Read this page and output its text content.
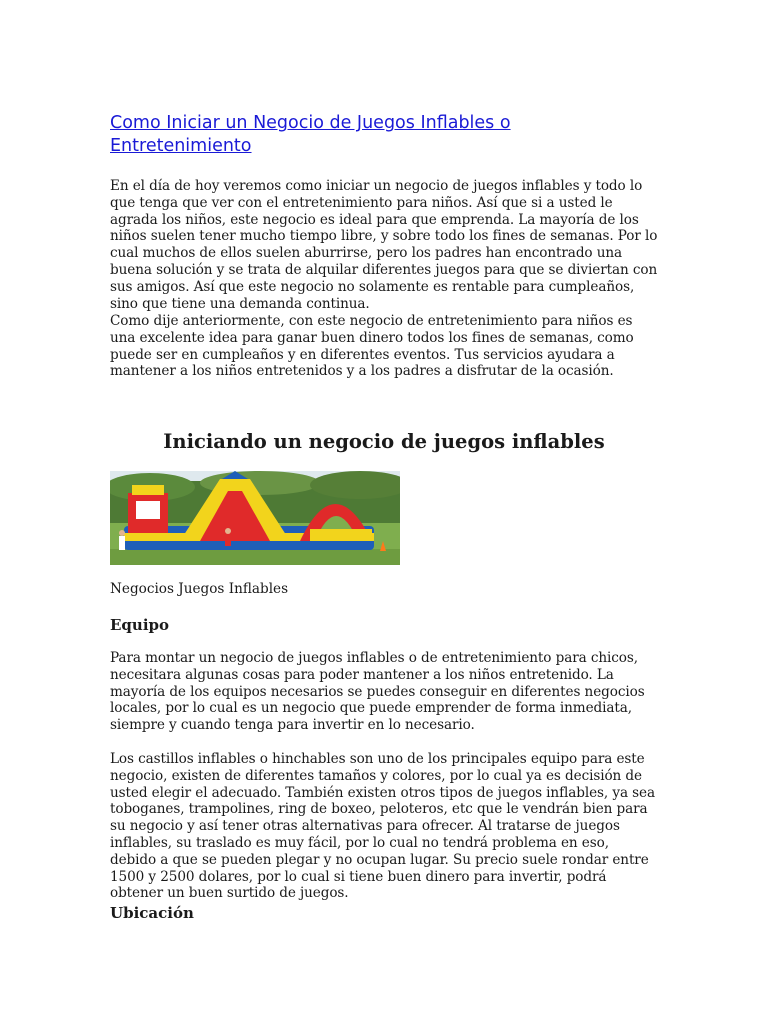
Como Iniciar un Negocio de Juegos Inflables o Entretenimiento

En el día de hoy veremos como iniciar un negocio de juegos inflables y todo lo que tenga que ver con el entretenimiento para niños. Así que si a usted le agrada los niños, este negocio es ideal para que emprenda. La mayoría de los niños suelen tener mucho tiempo libre, y sobre todo los fines de semanas. Por lo cual muchos de ellos suelen aburrirse, pero los padres han encontrado una buena solución y se trata de alquilar diferentes juegos para que se diviertan con sus amigos. Así que este negocio no solamente es rentable para cumpleaños, sino que tiene una demanda continua.

Como dije anteriormente, con este negocio de entretenimiento para niños es una excelente idea para ganar buen dinero todos los fines de semanas, como puede ser en cumpleaños y en diferentes eventos. Tus servicios ayudara a mantener a los niños entretenidos y a los padres a disfrutar de la ocasión.

Iniciando un negocio de juegos inflables

Negocios Juegos Inflables

Equipo

Para montar un negocio de juegos inflables o de entretenimiento para chicos, necesitara algunas cosas para poder mantener a los niños entretenido. La mayoría de los equipos necesarios se puedes conseguir en diferentes negocios locales, por lo cual es un negocio que puede emprender de forma inmediata, siempre y cuando tenga para invertir en lo necesario.

Los castillos inflables o hinchables son uno de los principales equipo para este negocio, existen de diferentes tamaños y colores, por lo cual ya es decisión de usted elegir el adecuado. También existen otros tipos de juegos inflables, ya sea toboganes, trampolines, ring de boxeo, peloteros, etc que le vendrán bien para su negocio y así tener otras alternativas para ofrecer. Al tratarse de juegos inflables, su traslado es muy fácil, por lo cual no tendrá problema en eso, debido a que se pueden plegar y no ocupan lugar. Su precio suele rondar entre 1500 y 2500 dolares, por lo cual si tiene buen dinero para invertir, podrá obtener un buen surtido de juegos.

Ubicación
